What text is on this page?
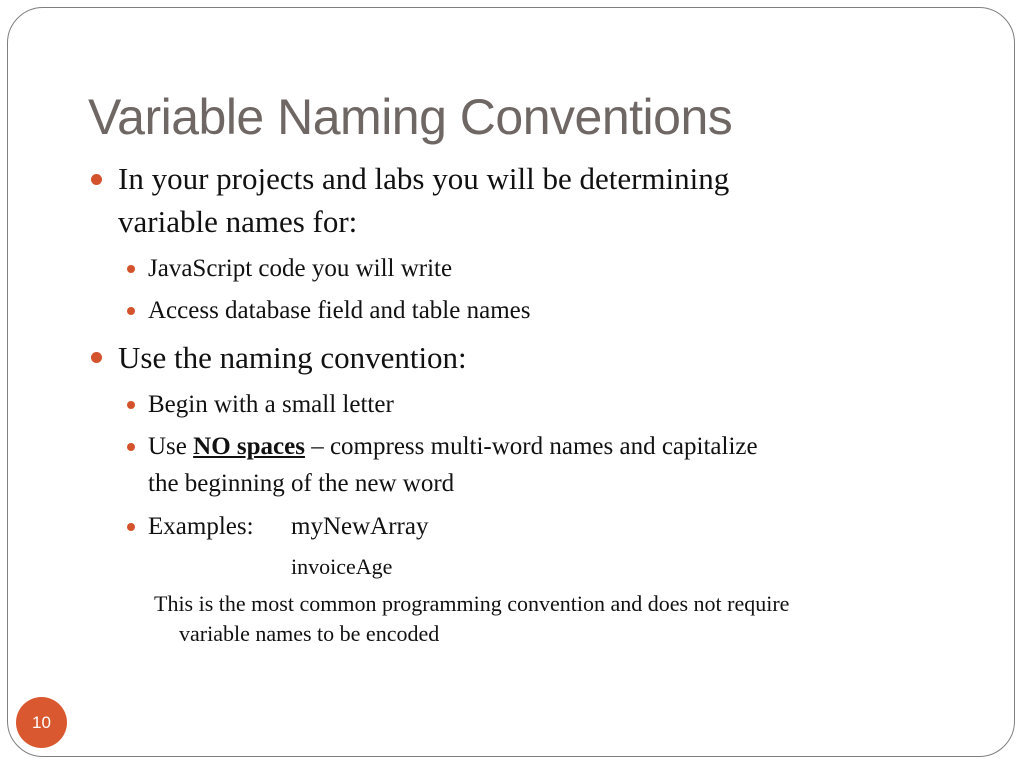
Variable Naming Conventions
In your projects and labs you will be determining
variable names for:
JavaScript code you will write
Access database field and table names
Use the naming convention:
Begin with a small letter
Use NO spaces – compress multi-word names and capitalize
the beginning of the new word
Examples: myNewArray
invoiceAge
This is the most common programming convention and does not require
variable names to be encoded
10
